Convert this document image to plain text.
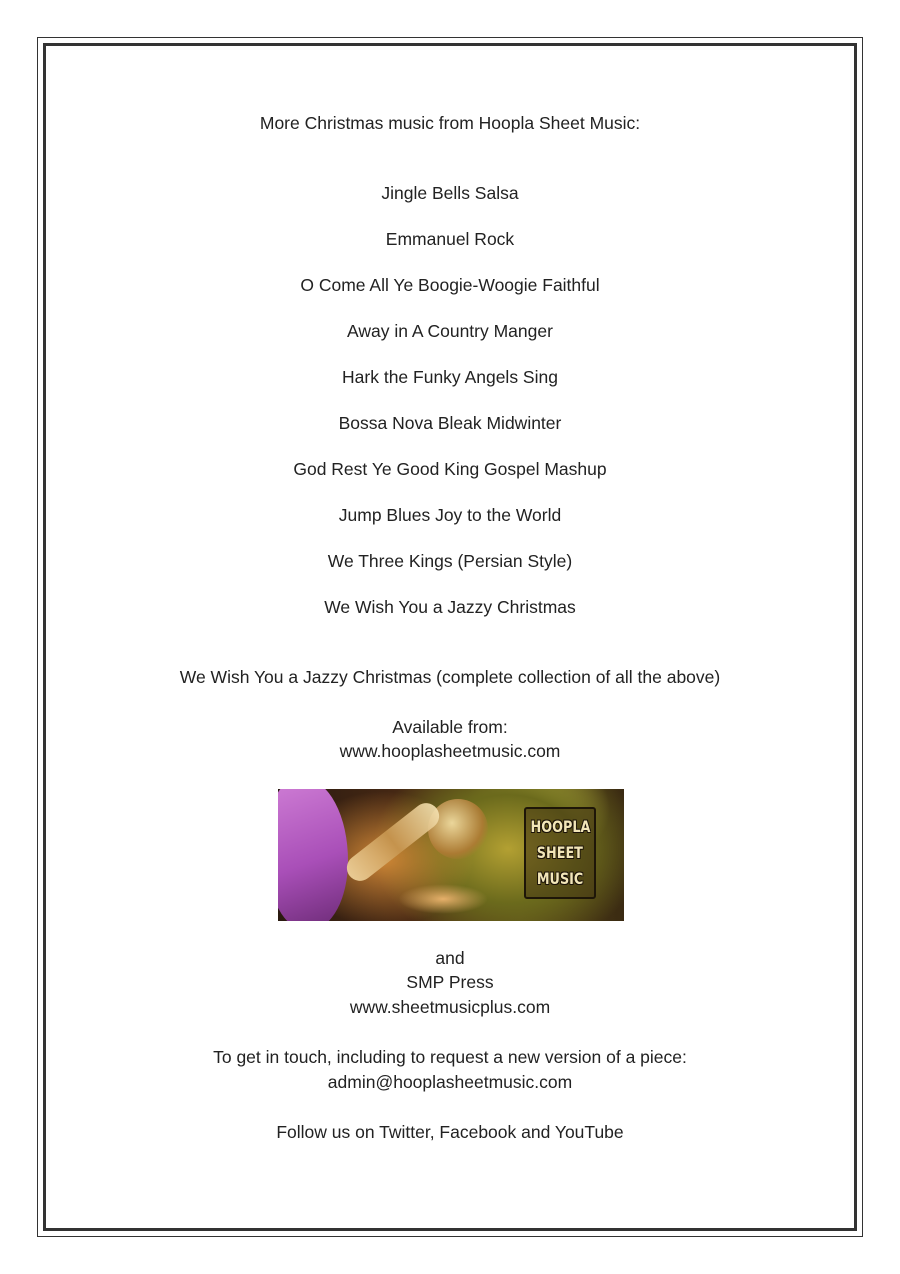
More Christmas music from Hoopla Sheet Music:
Jingle Bells Salsa
Emmanuel Rock
O Come All Ye Boogie-Woogie Faithful
Away in A Country Manger
Hark the Funky Angels Sing
Bossa Nova Bleak Midwinter
God Rest Ye Good King Gospel Mashup
Jump Blues Joy to the World
We Three Kings (Persian Style)
We Wish You a Jazzy Christmas
We Wish You a Jazzy Christmas (complete collection of all the above)
Available from:
www.hooplasheetmusic.com
HOOPLA
SHEET
MUSIC
and
SMP Press
www.sheetmusicplus.com
To get in touch, including to request a new version of a piece:
admin@hooplasheetmusic.com
Follow us on Twitter, Facebook and YouTube
